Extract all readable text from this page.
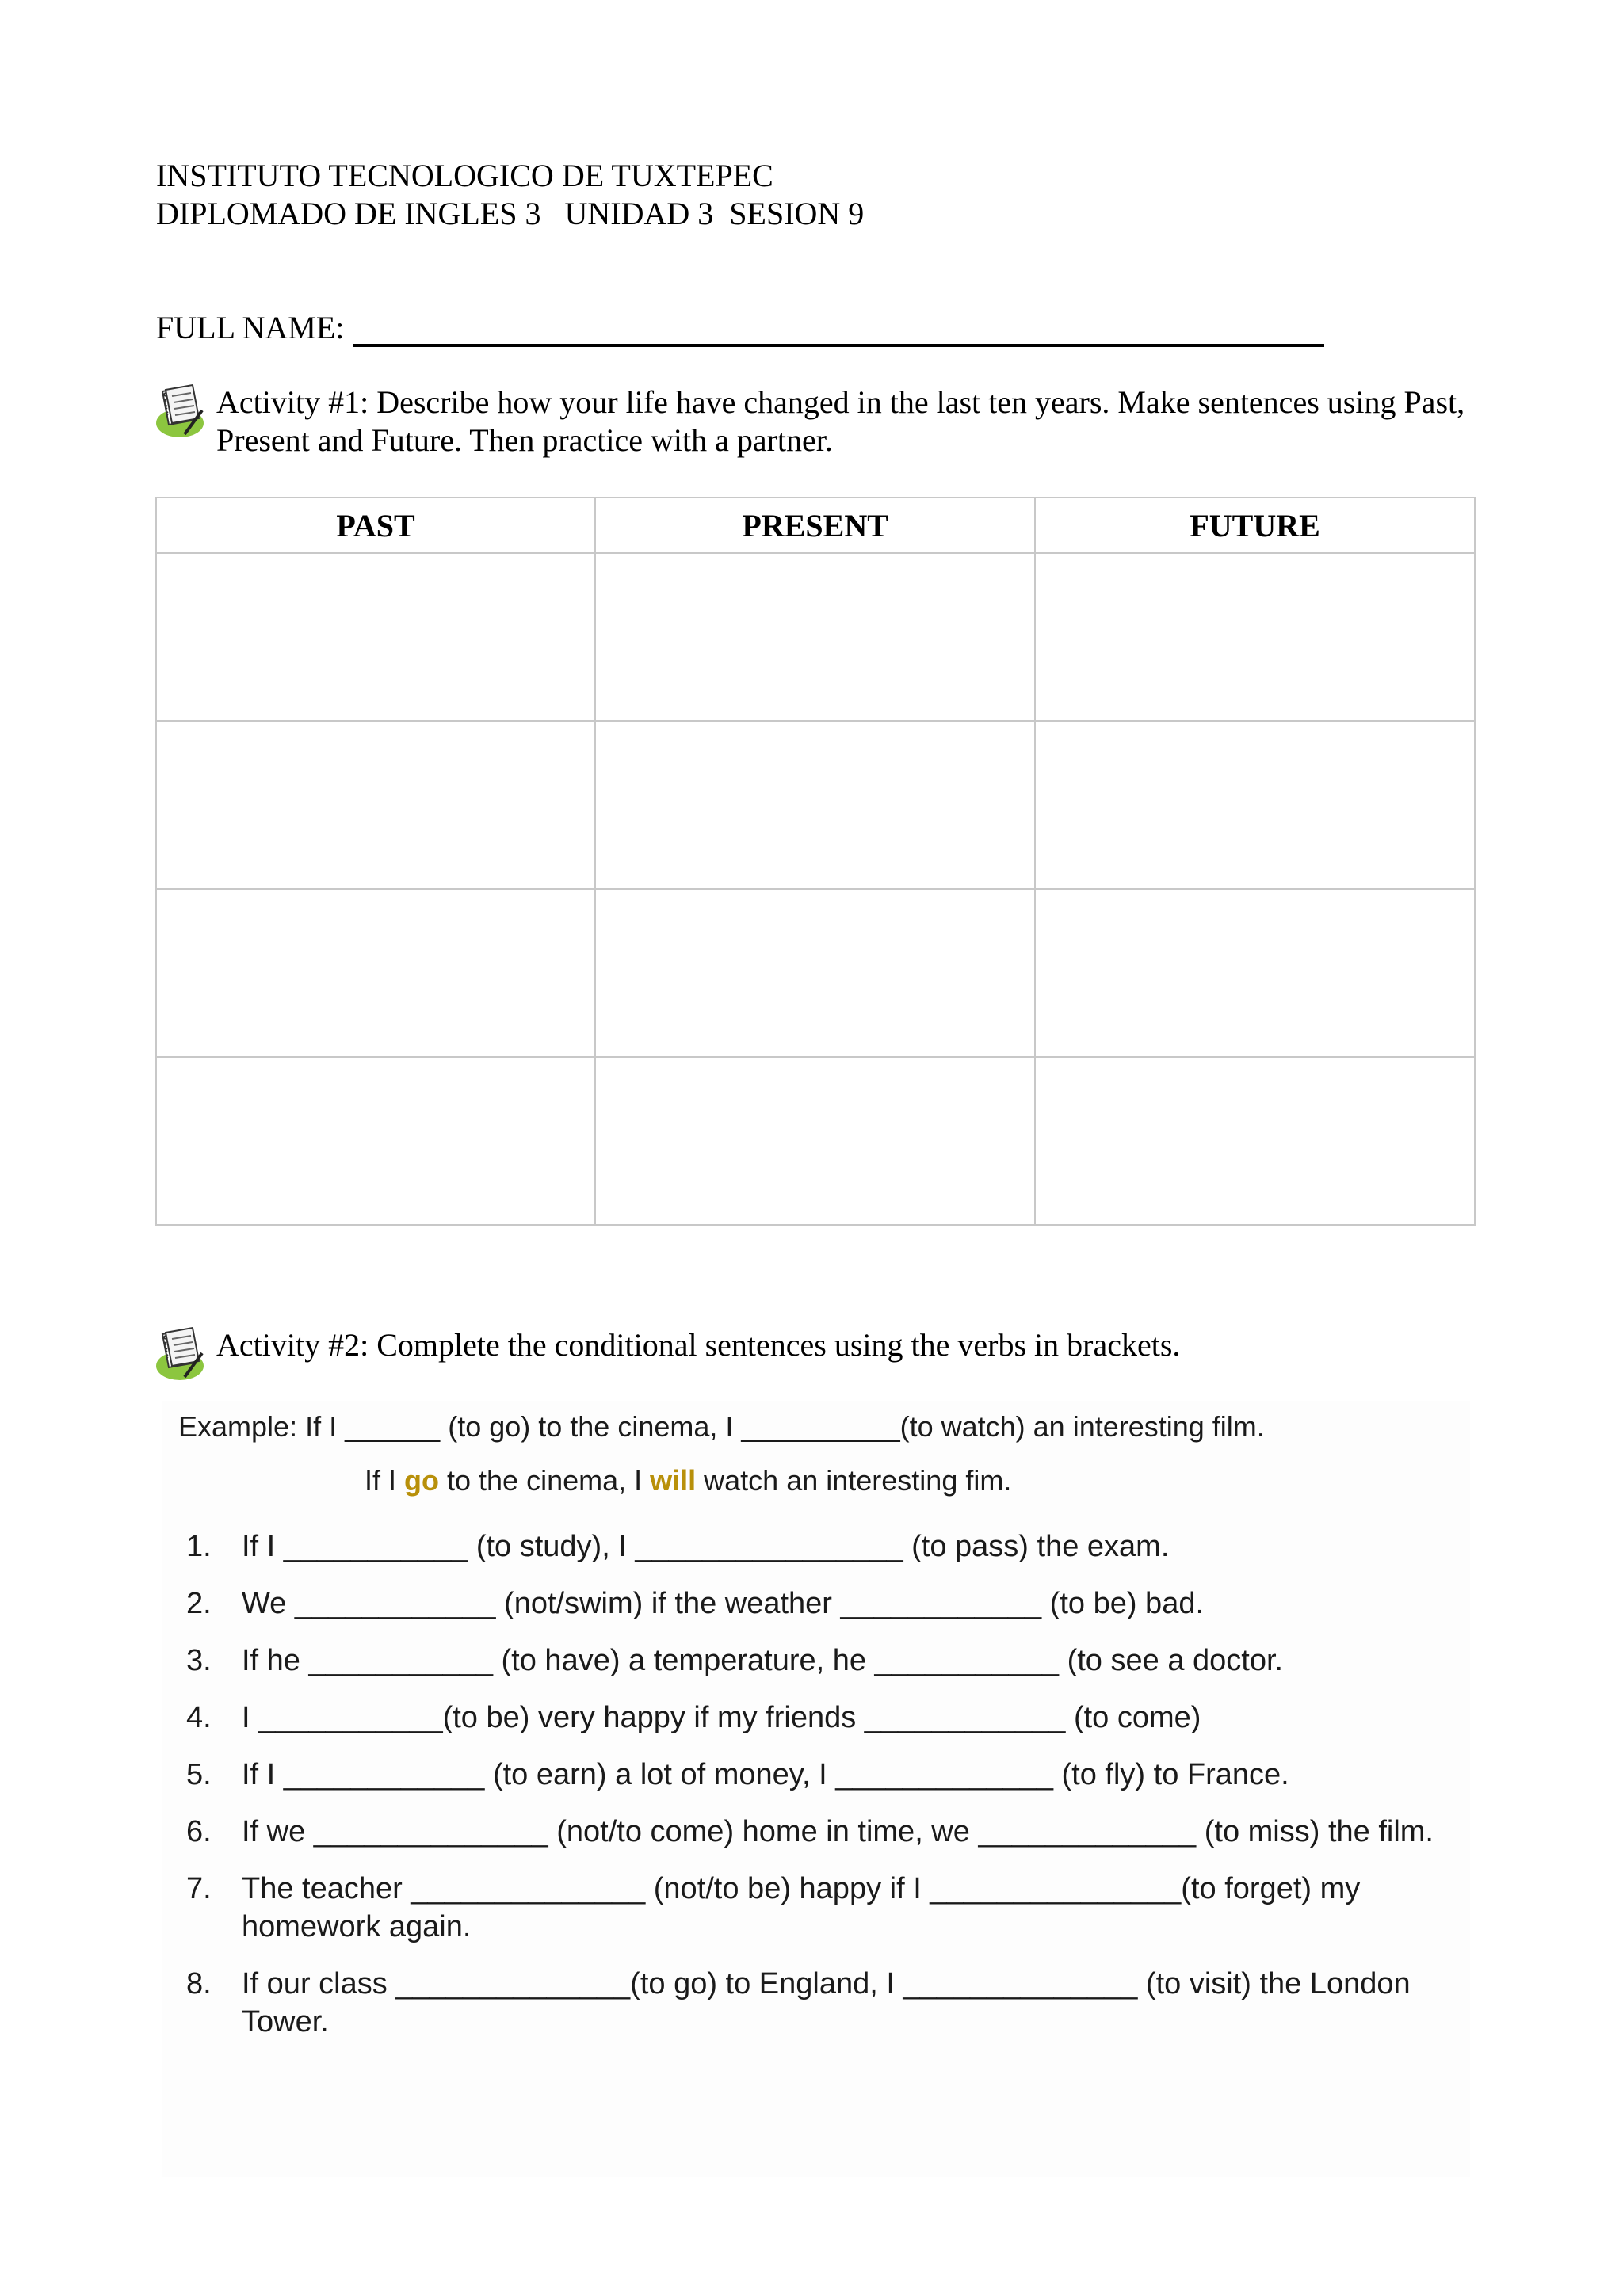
INSTITUTO TECNOLOGICO DE TUXTEPEC
DIPLOMADO DE INGLES 3   UNIDAD 3  SESION 9
FULL NAME:
Activity #1: Describe how your life have changed in the last ten years. Make sentences using Past, Present and Future. Then practice with a partner.
PAST	PRESENT	FUTURE

Activity #2: Complete the conditional sentences using the verbs in brackets.
Example: If I ______ (to go) to the cinema, I __________(to watch) an interesting film.
If I go to the cinema, I will watch an interesting fim.
1. If I ___________ (to study), I ________________ (to pass) the exam.
2. We ____________ (not/swim) if the weather ____________ (to be) bad.
3. If he ___________ (to have) a temperature, he ___________ (to see a doctor.
4. I ___________(to be) very happy if my friends ____________ (to come)
5. If I ____________ (to earn) a lot of money, I _____________ (to fly) to France.
6. If we ______________ (not/to come) home in time, we _____________ (to miss) the film.
7. The teacher ______________ (not/to be) happy if I _______________(to forget) my homework again.
8. If our class ______________(to go) to England, I ______________ (to visit) the London Tower.
